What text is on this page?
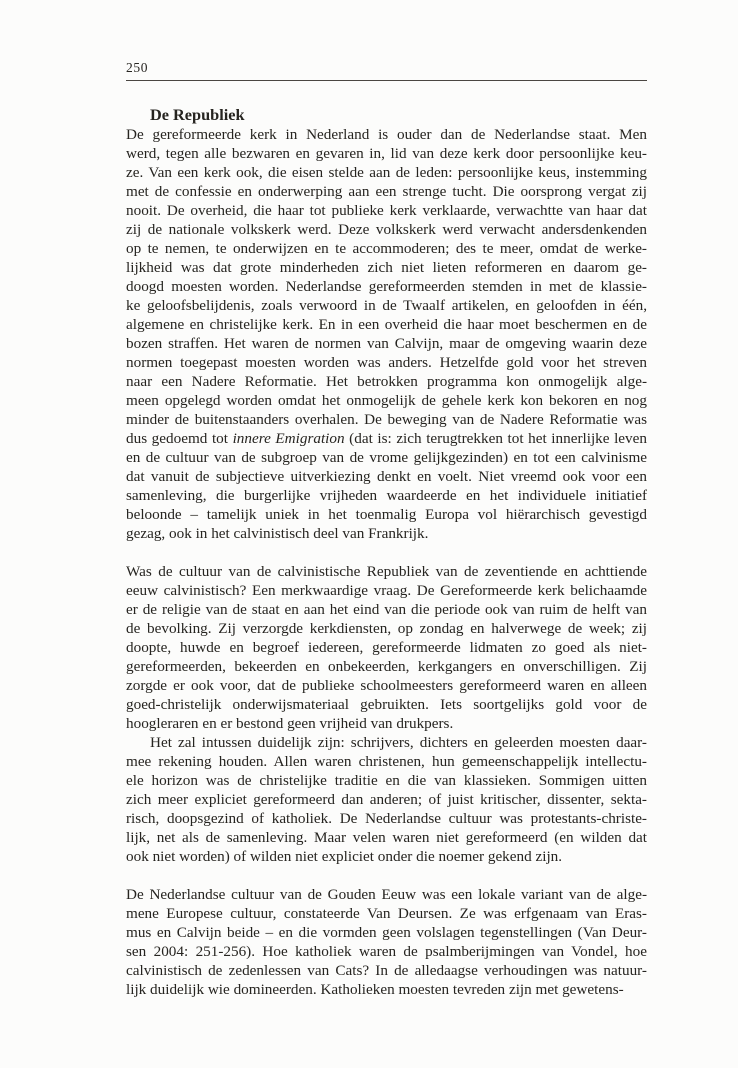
250
De Republiek
De gereformeerde kerk in Nederland is ouder dan de Nederlandse staat. Men
werd, tegen alle bezwaren en gevaren in, lid van deze kerk door persoonlijke keu-
ze. Van een kerk ook, die eisen stelde aan de leden: persoonlijke keus, instemming
met de confessie en onderwerping aan een strenge tucht. Die oorsprong vergat zij
nooit. De overheid, die haar tot publieke kerk verklaarde, verwachtte van haar dat
zij de nationale volkskerk werd. Deze volkskerk werd verwacht andersdenkenden
op te nemen, te onderwijzen en te accommoderen; des te meer, omdat de werke-
lijkheid was dat grote minderheden zich niet lieten reformeren en daarom ge-
doogd moesten worden. Nederlandse gereformeerden stemden in met de klassie-
ke geloofsbelijdenis, zoals verwoord in de Twaalf artikelen, en geloofden in één,
algemene en christelijke kerk. En in een overheid die haar moet beschermen en de
bozen straffen. Het waren de normen van Calvijn, maar de omgeving waarin deze
normen toegepast moesten worden was anders. Hetzelfde gold voor het streven
naar een Nadere Reformatie. Het betrokken programma kon onmogelijk alge-
meen opgelegd worden omdat het onmogelijk de gehele kerk kon bekoren en nog
minder de buitenstaanders overhalen. De beweging van de Nadere Reformatie was
dus gedoemd tot innere Emigration (dat is: zich terugtrekken tot het innerlijke leven
en de cultuur van de subgroep van de vrome gelijkgezinden) en tot een calvinisme
dat vanuit de subjectieve uitverkiezing denkt en voelt. Niet vreemd ook voor een
samenleving, die burgerlijke vrijheden waardeerde en het individuele initiatief
beloonde – tamelijk uniek in het toenmalig Europa vol hiërarchisch gevestigd
gezag, ook in het calvinistisch deel van Frankrijk.
Was de cultuur van de calvinistische Republiek van de zeventiende en achttiende
eeuw calvinistisch? Een merkwaardige vraag. De Gereformeerde kerk belichaamde
er de religie van de staat en aan het eind van die periode ook van ruim de helft van
de bevolking. Zij verzorgde kerkdiensten, op zondag en halverwege de week; zij
doopte, huwde en begroef iedereen, gereformeerde lidmaten zo goed als niet-
gereformeerden, bekeerden en onbekeerden, kerkgangers en onverschilligen. Zij
zorgde er ook voor, dat de publieke schoolmeesters gereformeerd waren en alleen
goed-christelijk onderwijsmateriaal gebruikten. Iets soortgelijks gold voor de
hoogleraren en er bestond geen vrijheid van drukpers.
Het zal intussen duidelijk zijn: schrijvers, dichters en geleerden moesten daar-
mee rekening houden. Allen waren christenen, hun gemeenschappelijk intellectu-
ele horizon was de christelijke traditie en die van klassieken. Sommigen uitten
zich meer expliciet gereformeerd dan anderen; of juist kritischer, dissenter, sekta-
risch, doopsgezind of katholiek. De Nederlandse cultuur was protestants-christe-
lijk, net als de samenleving. Maar velen waren niet gereformeerd (en wilden dat
ook niet worden) of wilden niet expliciet onder die noemer gekend zijn.
De Nederlandse cultuur van de Gouden Eeuw was een lokale variant van de alge-
mene Europese cultuur, constateerde Van Deursen. Ze was erfgenaam van Eras-
mus en Calvijn beide – en die vormden geen volslagen tegenstellingen (Van Deur-
sen 2004: 251-256). Hoe katholiek waren de psalmberijmingen van Vondel, hoe
calvinistisch de zedenlessen van Cats? In de alledaagse verhoudingen was natuur-
lijk duidelijk wie domineerden. Katholieken moesten tevreden zijn met gewetens-
